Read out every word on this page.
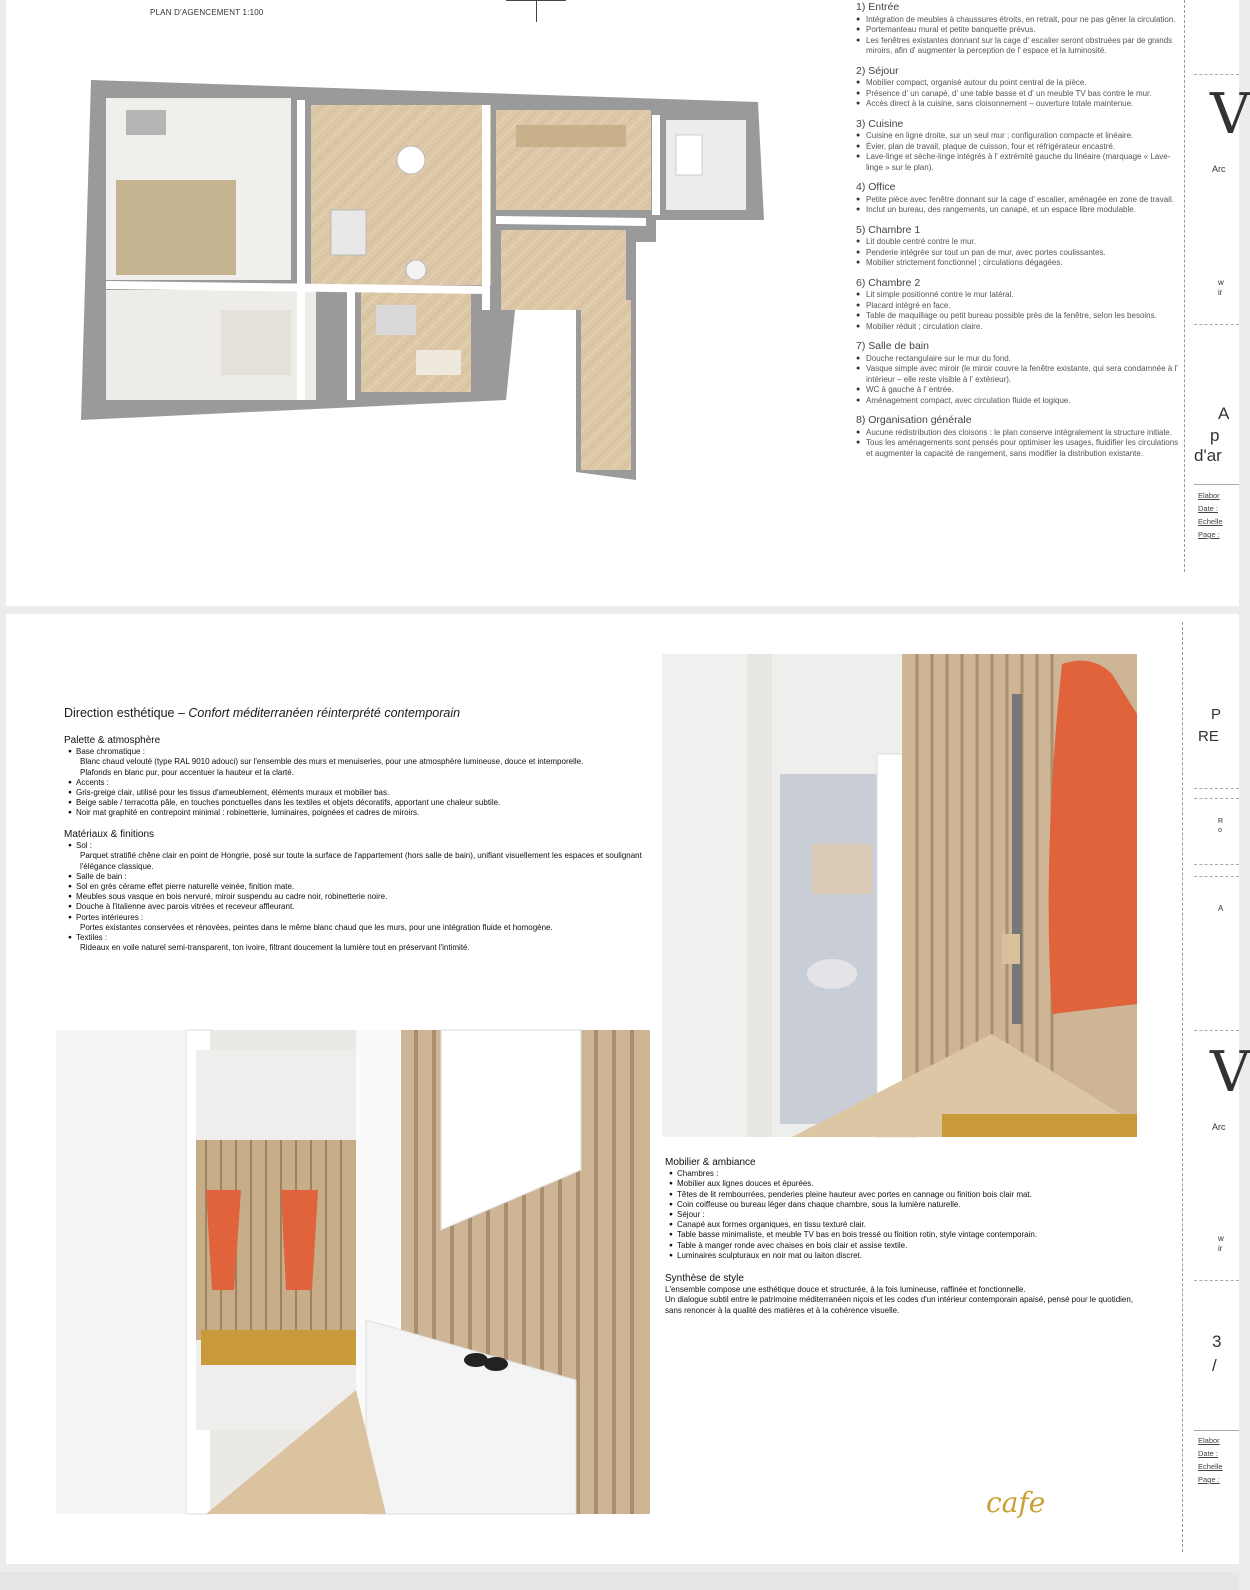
PLAN D'AGENCEMENT 1:100	1) Entrée
● Intégration de meubles à chaussures étroits, en retrait, pour ne pas gêner la circulation.
● Portemanteau mural et petite banquette prévus.
● Les fenêtres existantes donnant sur la cage d' escalier seront obstruées par de grands miroirs, afin d' augmenter la perception de l' espace et la luminosité.
2) Séjour
● Mobilier compact, organisé autour du point central de la pièce.
● Présence d' un canapé, d' une table basse et d' un meuble TV bas contre le mur.
● Accès direct à la cuisine, sans cloisonnement – ouverture totale maintenue.
3) Cuisine
● Cuisine en ligne droite, sur un seul mur ; configuration compacte et linéaire.
● Évier, plan de travail, plaque de cuisson, four et réfrigérateur encastré.
● Lave-linge et sèche-linge intégrés à l' extrémité gauche du linéaire (marquage « Lave-linge » sur le plan).
4) Office
● Petite pièce avec fenêtre donnant sur la cage d' escalier, aménagée en zone de travail.
● Inclut un bureau, des rangements, un canapé, et un espace libre modulable.
5) Chambre 1
● Lit double centré contre le mur.
● Penderie intégrée sur tout un pan de mur, avec portes coulissantes.
● Mobilier strictement fonctionnel ; circulations dégagées.
6) Chambre 2
● Lit simple positionné contre le mur latéral.
● Placard intégré en face.
● Table de maquillage ou petit bureau possible près de la fenêtre, selon les besoins.
● Mobilier réduit ; circulation claire.
7) Salle de bain
● Douche rectangulaire sur le mur du fond.
● Vasque simple avec miroir (le miroir couvre la fenêtre existante, qui sera condamnée à l' intérieur – elle reste visible à l' extérieur).
● WC à gauche à l' entrée.
● Aménagement compact, avec circulation fluide et logique.
8) Organisation générale
● Aucune redistribution des cloisons : le plan conserve intégralement la structure initiale.
● Tous les aménagements sont pensés pour optimiser les usages, fluidifier les circulations et augmenter la capacité de rangement, sans modifier la distribution existante.
V
Arc
w
ir
A
p
d'ar
Elabor
Date :
Echelle
Page :
Direction esthétique – Confort méditerranéen réinterprété contemporain
Palette & atmosphère
● Base chromatique :
Blanc chaud velouté (type RAL 9010 adouci) sur l'ensemble des murs et menuiseries, pour une atmosphère lumineuse, douce et intemporelle.
Plafonds en blanc pur, pour accentuer la hauteur et la clarté.
● Accents :
● Gris-greige clair, utilisé pour les tissus d'ameublement, éléments muraux et mobilier bas.
● Beige sable / terracotta pâle, en touches ponctuelles dans les textiles et objets décoratifs, apportant une chaleur subtile.
● Noir mat graphité en contrepoint minimal : robinetterie, luminaires, poignées et cadres de miroirs.
Matériaux & finitions
● Sol :
Parquet stratifié chêne clair en point de Hongrie, posé sur toute la surface de l'appartement (hors salle de bain), unifiant visuellement les espaces et soulignant l'élégance classique.
● Salle de bain :
● Sol en grès cérame effet pierre naturelle veinée, finition mate.
● Meubles sous vasque en bois nervuré, miroir suspendu au cadre noir, robinetterie noire.
● Douche à l'italienne avec parois vitrées et receveur affleurant.
● Portes intérieures :
Portes existantes conservées et rénovées, peintes dans le même blanc chaud que les murs, pour une intégration fluide et homogène.
● Textiles :
Rideaux en voile naturel semi-transparent, ton ivoire, filtrant doucement la lumière tout en préservant l'intimité.
Mobilier & ambiance
● Chambres :
● Mobilier aux lignes douces et épurées.
● Têtes de lit rembourrées, penderies pleine hauteur avec portes en cannage ou finition bois clair mat.
● Coin coiffeuse ou bureau léger dans chaque chambre, sous la lumière naturelle.
● Séjour :
● Canapé aux formes organiques, en tissu texturé clair.
● Table basse minimaliste, et meuble TV bas en bois tressé ou finition rotin, style vintage contemporain.
● Table à manger ronde avec chaises en bois clair et assise textile.
● Luminaires sculpturaux en noir mat ou laiton discret.
Synthèse de style
L'ensemble compose une esthétique douce et structurée, à la fois lumineuse, raffinée et fonctionnelle.
Un dialogue subtil entre le patrimoine méditerranéen niçois et les codes d'un intérieur contemporain apaisé, pensé pour le quotidien, sans renoncer à la qualité des matières et à la cohérence visuelle.
cafe
P
RE
R
o
A
V
Arc
w
ir
3
/
Elabor
Date :
Echelle
Page :
